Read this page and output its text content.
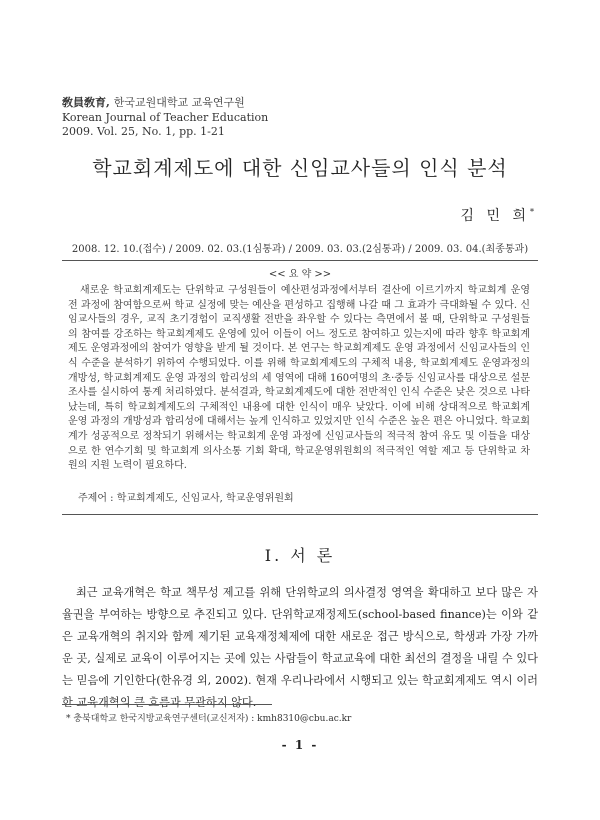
敎員敎育, 한국교원대학교 교육연구원
Korean Journal of Teacher Education
2009. Vol. 25, No. 1, pp. 1-21
학교회계제도에 대한 신임교사들의 인식 분석
김 민 희*
2008. 12. 10.(접수) / 2009. 02. 03.(1심통과) / 2009. 03. 03.(2심통과) / 2009. 03. 04.(최종통과)
<< 요 약 >>
새로운 학교회계제도는 단위학교 구성원들이 예산편성과정에서부터 결산에 이르기까지 학교회계 운영 전 과정에 참여함으로써 학교 실정에 맞는 예산을 편성하고 집행해 나갈 때 그 효과가 극대화될 수 있다. 신임교사들의 경우, 교직 초기경험이 교직생활 전반을 좌우할 수 있다는 측면에서 볼 때, 단위학교 구성원들의 참여를 강조하는 학교회계제도 운영에 있어 이들이 어느 정도로 참여하고 있는지에 따라 향후 학교회계제도 운영과정에의 참여가 영향을 받게 될 것이다. 본 연구는 학교회계제도 운영 과정에서 신임교사들의 인식 수준을 분석하기 위하여 수행되었다. 이를 위해 학교회계제도의 구체적 내용, 학교회계제도 운영과정의 개방성, 학교회계제도 운영 과정의 합리성의 세 영역에 대해 160여명의 초·중등 신임교사를 대상으로 설문조사를 실시하여 통계 처리하였다. 분석결과, 학교회계제도에 대한 전반적인 인식 수준은 낮은 것으로 나타났는데, 특히 학교회계제도의 구체적인 내용에 대한 인식이 매우 낮았다. 이에 비해 상대적으로 학교회계 운영 과정의 개방성과 합리성에 대해서는 높게 인식하고 있었지만 인식 수준은 높은 편은 아니었다. 학교회계가 성공적으로 정착되기 위해서는 학교회계 운영 과정에 신임교사들의 적극적 참여 유도 및 이들을 대상으로 한 연수기회 및 학교회계 의사소통 기회 확대, 학교운영위원회의 적극적인 역할 제고 등 단위학교 차원의 지원 노력이 필요하다.
주제어 : 학교회계제도, 신임교사, 학교운영위원회
Ⅰ. 서 론
최근 교육개혁은 학교 책무성 제고를 위해 단위학교의 의사결정 영역을 확대하고 보다 많은 자율권을 부여하는 방향으로 추진되고 있다. 단위학교재정제도(school-based finance)는 이와 같은 교육개혁의 취지와 함께 제기된 교육재정체제에 대한 새로운 접근 방식으로, 학생과 가장 가까운 곳, 실제로 교육이 이루어지는 곳에 있는 사람들이 학교교육에 대한 최선의 결정을 내릴 수 있다는 믿음에 기인한다(한유경 외, 2002). 현재 우리나라에서 시행되고 있는 학교회계제도 역시 이러한 교육개혁의 큰 흐름과 무관하지 않다.
* 충북대학교 한국지방교육연구센터(교신저자) : kmh8310@cbu.ac.kr
- 1 -
